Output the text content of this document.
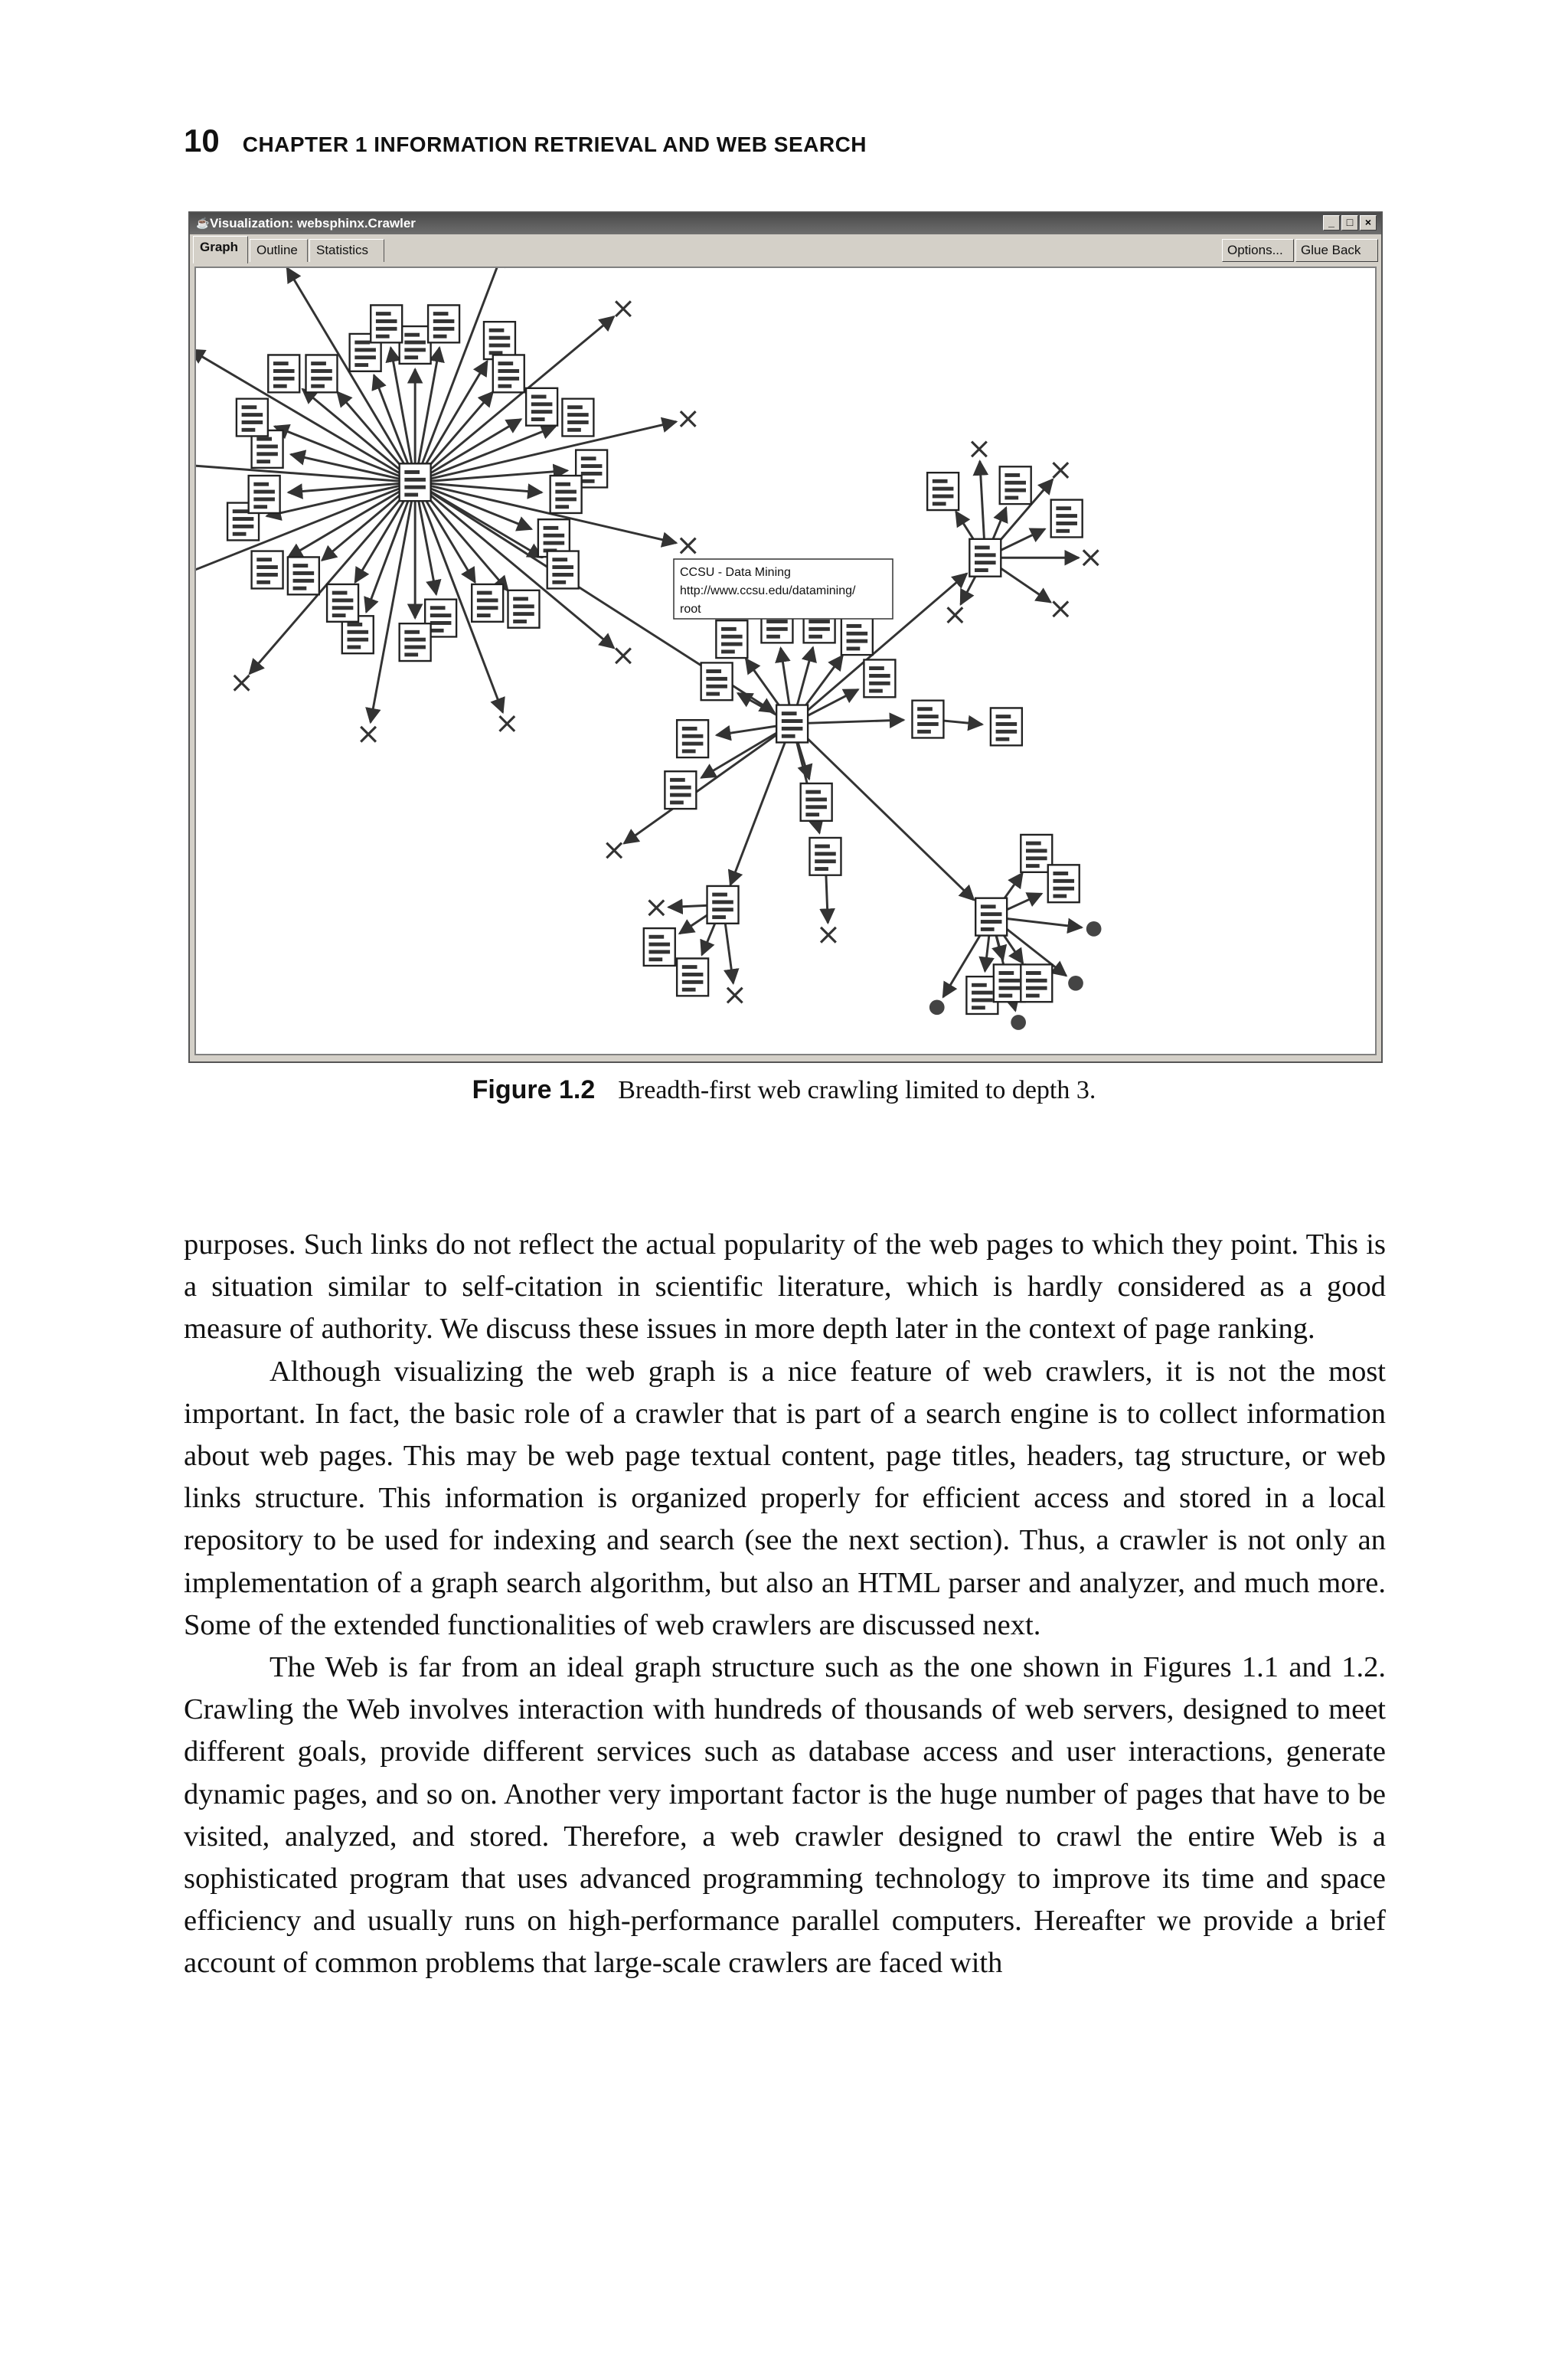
10 CHAPTER 1 INFORMATION RETRIEVAL AND WEB SEARCH
☕ Visualization: websphinx.Crawler	_	□	×
Graph	Outline	Statistics	Options...	Glue Back
CCSU - Data Mining
http://www.ccsu.edu/datamining/
root
Figure 1.2 Breadth-first web crawling limited to depth 3.

purposes. Such links do not reflect the actual popularity of the web pages to which they point. This is a situation similar to self-citation in scientific literature, which is hardly considered as a good measure of authority. We discuss these issues in more depth later in the context of page ranking.

Although visualizing the web graph is a nice feature of web crawlers, it is not the most important. In fact, the basic role of a crawler that is part of a search engine is to collect information about web pages. This may be web page textual content, page titles, headers, tag structure, or web links structure. This information is organized properly for efficient access and stored in a local repository to be used for indexing and search (see the next section). Thus, a crawler is not only an implementation of a graph search algorithm, but also an HTML parser and analyzer, and much more. Some of the extended functionalities of web crawlers are discussed next.

The Web is far from an ideal graph structure such as the one shown in Figures 1.1 and 1.2. Crawling the Web involves interaction with hundreds of thousands of web servers, designed to meet different goals, provide different services such as database access and user interactions, generate dynamic pages, and so on. Another very important factor is the huge number of pages that have to be visited, analyzed, and stored. Therefore, a web crawler designed to crawl the entire Web is a sophisticated program that uses advanced programming technology to improve its time and space efficiency and usually runs on high-performance parallel computers. Hereafter we provide a brief account of common problems that large-scale crawlers are faced with
